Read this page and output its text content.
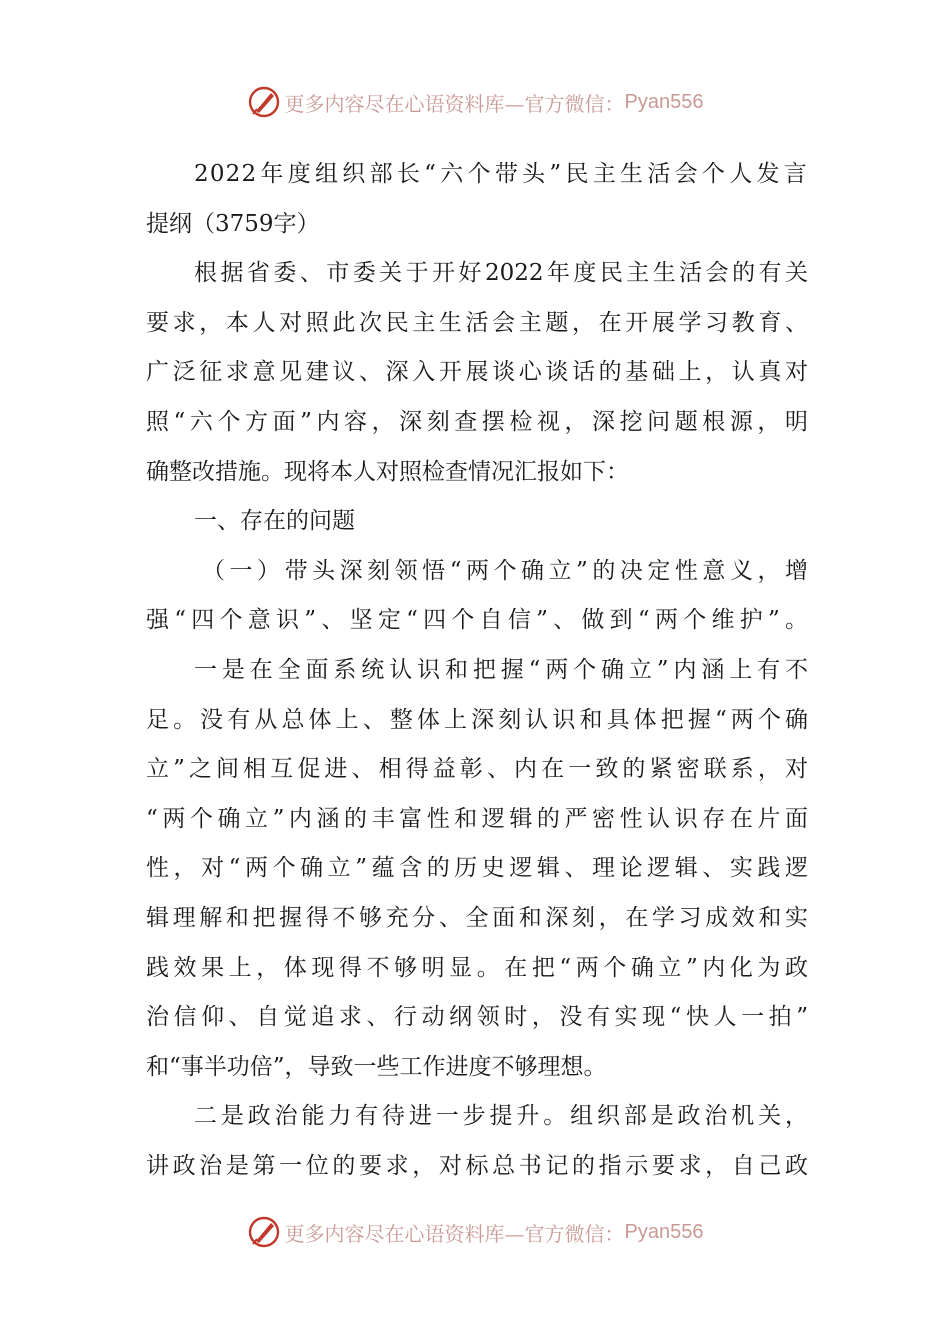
更多内容尽在心语资料库—官方微信： Pyan556
2022年度组织部长“六个带头”民主生活会个人发言
提纲（3759字）
根据省委、市委关于开好2022年度民主生活会的有关
要求，本人对照此次民主生活会主题，在开展学习教育、
广泛征求意见建议、深入开展谈心谈话的基础上，认真对
照“六个方面”内容，深刻查摆检视，深挖问题根源，明
确整改措施。现将本人对照检查情况汇报如下：
一、存在的问题
（一）带头深刻领悟“两个确立”的决定性意义，增
强“四个意识”、坚定“四个自信”、做到“两个维护”。
一是在全面系统认识和把握“两个确立”内涵上有不
足。没有从总体上、整体上深刻认识和具体把握“两个确
立”之间相互促进、相得益彰、内在一致的紧密联系，对
“两个确立”内涵的丰富性和逻辑的严密性认识存在片面
性，对“两个确立”蕴含的历史逻辑、理论逻辑、实践逻
辑理解和把握得不够充分、全面和深刻，在学习成效和实
践效果上，体现得不够明显。在把“两个确立”内化为政
治信仰、自觉追求、行动纲领时，没有实现“快人一拍”
和“事半功倍”，导致一些工作进度不够理想。
二是政治能力有待进一步提升。组织部是政治机关，
讲政治是第一位的要求，对标总书记的指示要求，自己政
更多内容尽在心语资料库—官方微信： Pyan556
